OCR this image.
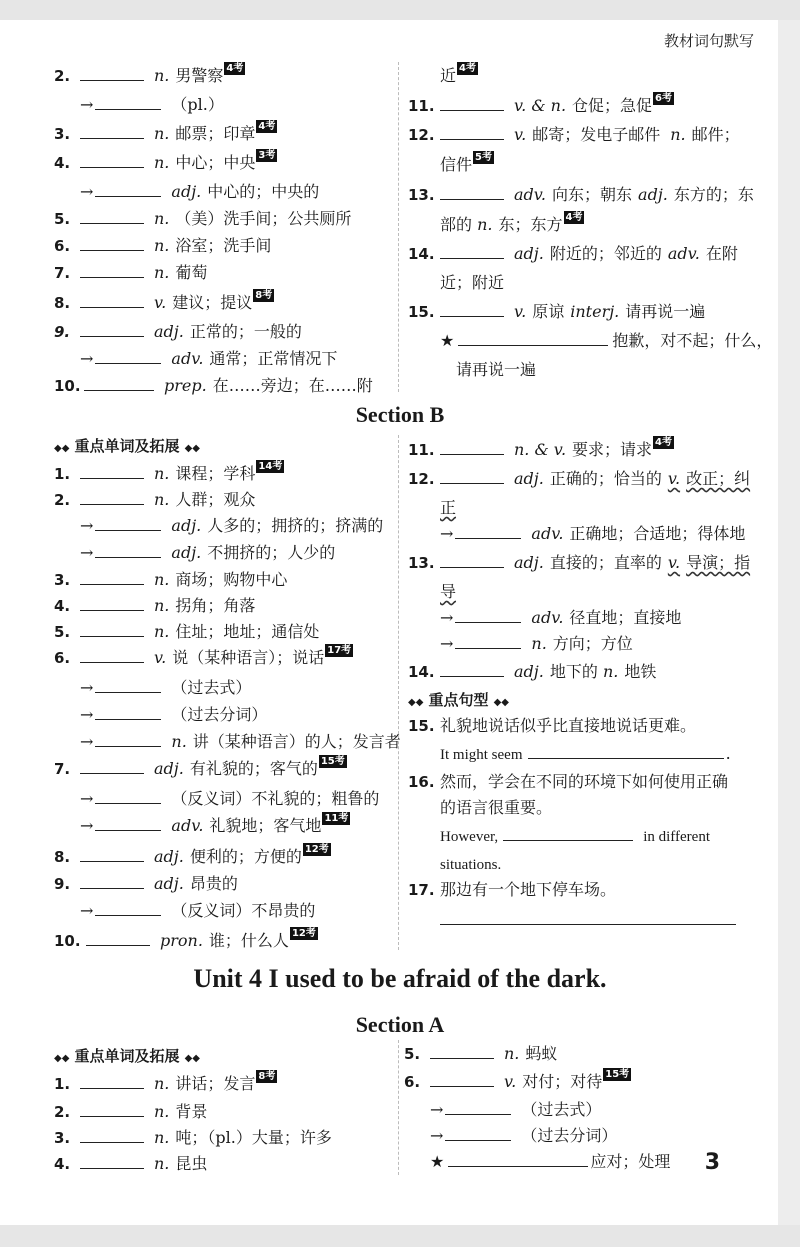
教材词句默写
2.	n. 男警察 4考
→	（pl.）
3.	n. 邮票；印章 4考
4.	n. 中心；中央 3考
→	adj. 中心的；中央的
5.	n. （美）洗手间；公共厕所
6.	n. 浴室；洗手间
7.	n. 葡萄
8.	v. 建议；提议 8考
9.	adj. 正常的；一般的
→	adv. 通常；正常情况下
10.	prep. 在……旁边；在……附
近 4考
11.	v. & n. 仓促；急促 6考
12.	v. 邮寄；发电子邮件 n. 邮件；
信件 5考
13.	adv. 向东；朝东 adj. 东方的；东
部的 n. 东；东方 4考
14.	adj. 附近的；邻近的 adv. 在附
近；附近
15.	v. 原谅 interj. 请再说一遍
★	抱歉，对不起；什么，
请再说一遍
Section B
◆◆ 重点单词及拓展 ◆◆
1.	n. 课程；学科 14考
2.	n. 人群；观众
→	adj. 人多的；拥挤的；挤满的
→	adj. 不拥挤的；人少的
3.	n. 商场；购物中心
4.	n. 拐角；角落
5.	n. 住址；地址；通信处
6.	v. 说（某种语言）；说话 17考
→	（过去式）
→	（过去分词）
→	n. 讲（某种语言）的人；发言者
7.	adj. 有礼貌的；客气的 15考
→	（反义词）不礼貌的；粗鲁的
→	adv. 礼貌地；客气地 11考
8.	adj. 便利的；方便的 12考
9.	adj. 昂贵的
→	（反义词）不昂贵的
10.	pron. 谁；什么人 12考
11.	n. & v. 要求；请求 4考
12.	adj. 正确的；恰当的 v. 改正；纠
正
→	adv. 正确地；合适地；得体地
13.	adj. 直接的；直率的 v. 导演；指
导
→	adv. 径直地；直接地
→	n. 方向；方位
14.	adj. 地下的 n. 地铁
◆◆ 重点句型 ◆◆
15. 礼貌地说话似乎比直接地说话更难。
It might seem	.
16. 然而，学会在不同的环境下如何使用正确
的语言很重要。
However,	in different
situations.
17. 那边有一个地下停车场。
Unit 4 I used to be afraid of the dark.
Section A
◆◆ 重点单词及拓展 ◆◆
1.	n. 讲话；发言 8考
2.	n. 背景
3.	n. 吨；（pl.）大量；许多
4.	n. 昆虫
5.	n. 蚂蚁
6.	v. 对付；对待 15考
→	（过去式）
→	（过去分词）
★	应对；处理	3
